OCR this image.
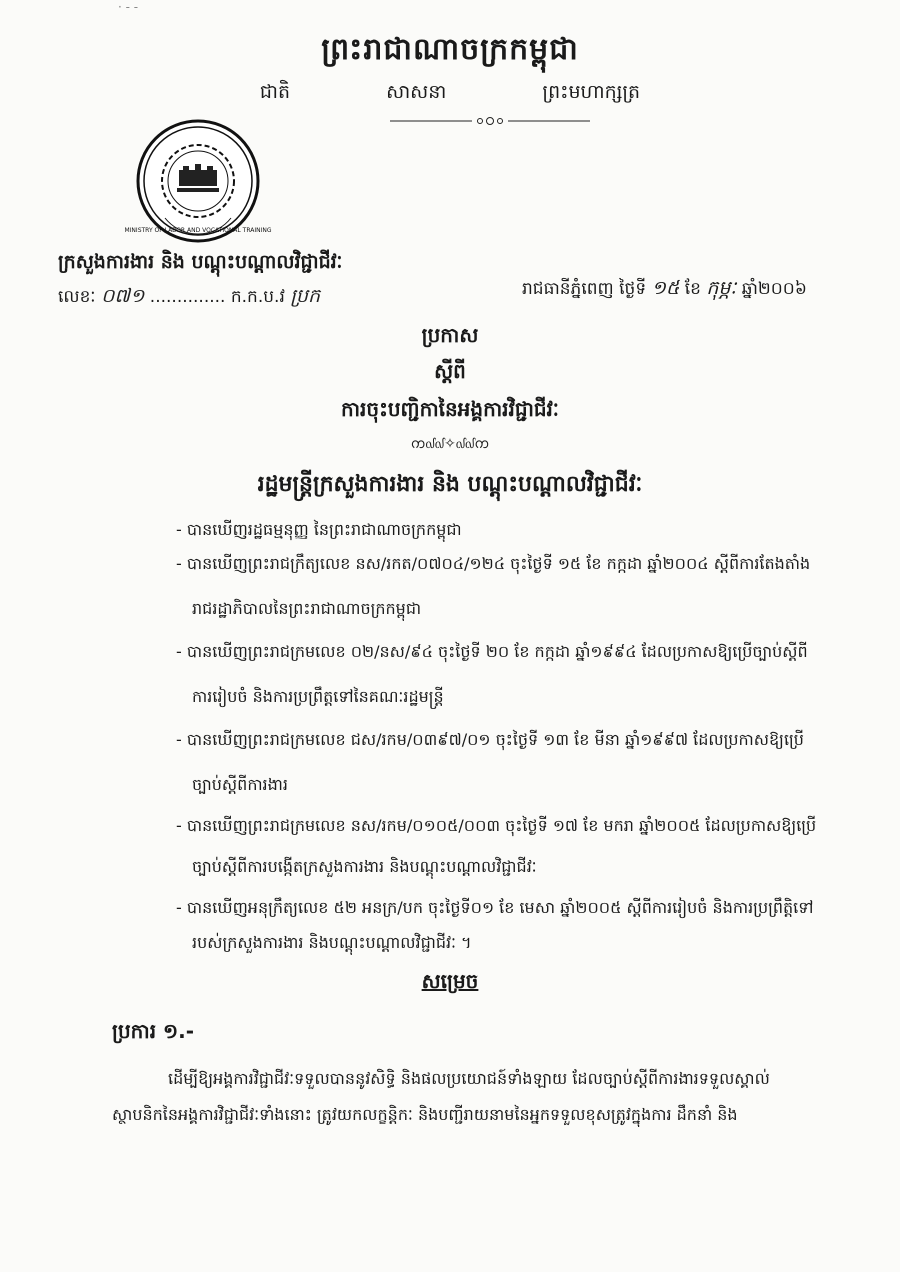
· - -
ព្រះរាជាណាចក្រកម្ពុជា
ជាតិ	សាសនា	ព្រះមហាក្សត្រ
MINISTRY OF LABOR AND VOCATIONAL TRAINING
ក្រសួងការងារ និង បណ្តុះបណ្តាលវិជ្ជាជីវៈ
លេខៈ ០៧១ .............. ក.ក.ប.វ ប្រក	រាជធានីភ្នំពេញ ថ្ងៃទី ១៥ ខែ កុម្ភៈ ឆ្នាំ២០០៦
ប្រកាស
ស្តីពី
ការចុះបញ្ជិកានៃអង្គការវិជ្ជាជីវៈ
ᨠ᧞᧞✧᧞᧞ᨠ
រដ្ឋមន្ត្រីក្រសួងការងារ និង បណ្តុះបណ្តាលវិជ្ជាជីវៈ
- បានឃើញរដ្ឋធម្មនុញ្ញ នៃព្រះរាជាណាចក្រកម្ពុជា
- បានឃើញព្រះរាជក្រឹត្យលេខ នស/រកត/០៧០៤/១២៤ ចុះថ្ងៃទី ១៥ ខែ កក្កដា ឆ្នាំ២០០៤ ស្តីពីការតែងតាំង
រាជរដ្ឋាភិបាលនៃព្រះរាជាណាចក្រកម្ពុជា
- បានឃើញព្រះរាជក្រមលេខ ០២/នស/៩៤ ចុះថ្ងៃទី ២០ ខែ កក្កដា ឆ្នាំ១៩៩៤ ដែលប្រកាសឱ្យប្រើច្បាប់ស្តីពី
ការរៀបចំ និងការប្រព្រឹត្តទៅនៃគណៈរដ្ឋមន្ត្រី
- បានឃើញព្រះរាជក្រមលេខ ជស/រកម/០៣៩៧/០១ ចុះថ្ងៃទី ១៣ ខែ មីនា ឆ្នាំ១៩៩៧ ដែលប្រកាសឱ្យប្រើ
ច្បាប់ស្តីពីការងារ
- បានឃើញព្រះរាជក្រមលេខ នស/រកម/០១០៥/០០៣ ចុះថ្ងៃទី ១៧ ខែ មករា ឆ្នាំ២០០៥ ដែលប្រកាសឱ្យប្រើ
ច្បាប់ស្តីពីការបង្កើតក្រសួងការងារ និងបណ្តុះបណ្តាលវិជ្ជាជីវៈ
- បានឃើញអនុក្រឹត្យលេខ ៥២ អនក្រ/បក ចុះថ្ងៃទី០១ ខែ មេសា ឆ្នាំ២០០៥ ស្តីពីការរៀបចំ និងការប្រព្រឹត្តិទៅ
របស់ក្រសួងការងារ និងបណ្តុះបណ្តាលវិជ្ជាជីវៈ ។
សម្រេច
ប្រការ ១.-
ដើម្បីឱ្យអង្គការវិជ្ជាជីវៈទទួលបាននូវសិទ្ធិ និងផលប្រយោជន៍ទាំងឡាយ ដែលច្បាប់ស្តីពីការងារទទួលស្គាល់
ស្ថាបនិកនៃអង្គការវិជ្ជាជីវៈទាំងនោះ ត្រូវយកលក្ខន្តិកៈ និងបញ្ជីរាយនាមនៃអ្នកទទួលខុសត្រូវក្នុងការ ដឹកនាំ និង
